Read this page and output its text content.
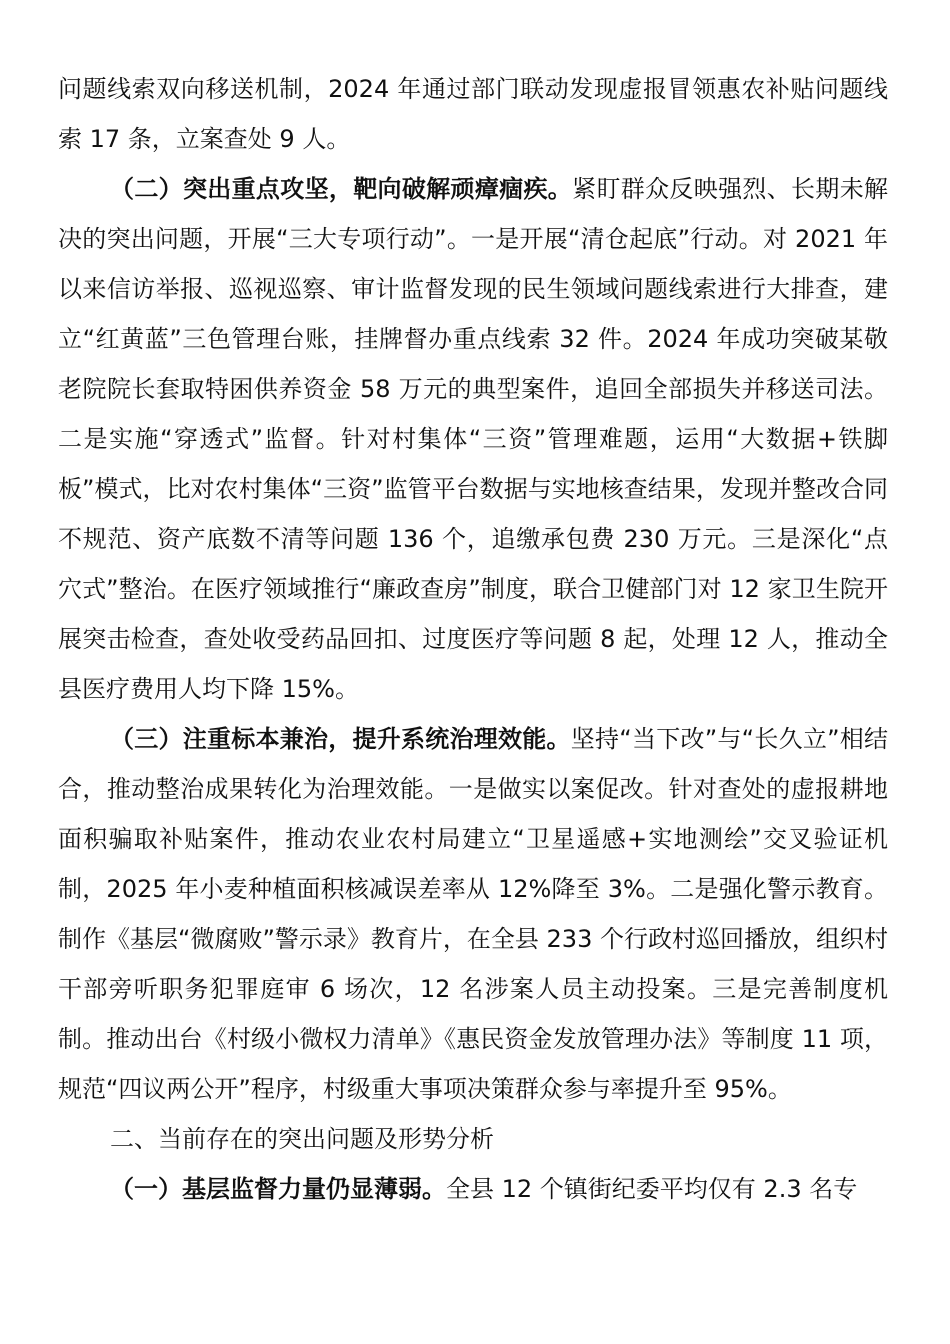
问题线索双向移送机制，2024 年通过部门联动发现虚报冒领惠农补贴问题线索 17 条，立案查处 9 人。

（二）突出重点攻坚，靶向破解顽瘴痼疾。紧盯群众反映强烈、长期未解决的突出问题，开展“三大专项行动”。一是开展“清仓起底”行动。对 2021 年以来信访举报、巡视巡察、审计监督发现的民生领域问题线索进行大排查，建立“红黄蓝”三色管理台账，挂牌督办重点线索 32 件。2024 年成功突破某敬老院院长套取特困供养资金 58 万元的典型案件，追回全部损失并移送司法。二是实施“穿透式”监督。针对村集体“三资”管理难题，运用“大数据+铁脚板”模式，比对农村集体“三资”监管平台数据与实地核查结果，发现并整改合同不规范、资产底数不清等问题 136 个，追缴承包费 230 万元。三是深化“点穴式”整治。在医疗领域推行“廉政查房”制度，联合卫健部门对 12 家卫生院开展突击检查，查处收受药品回扣、过度医疗等问题 8 起，处理 12 人，推动全县医疗费用人均下降 15%。

（三）注重标本兼治，提升系统治理效能。坚持“当下改”与“长久立”相结合，推动整治成果转化为治理效能。一是做实以案促改。针对查处的虚报耕地面积骗取补贴案件，推动农业农村局建立“卫星遥感+实地测绘”交叉验证机制，2025 年小麦种植面积核减误差率从 12%降至 3%。二是强化警示教育。制作《基层“微腐败”警示录》教育片，在全县 233 个行政村巡回播放，组织村干部旁听职务犯罪庭审 6 场次，12 名涉案人员主动投案。三是完善制度机制。推动出台《村级小微权力清单》《惠民资金发放管理办法》等制度 11 项，规范“四议两公开”程序，村级重大事项决策群众参与率提升至 95%。

二、当前存在的突出问题及形势分析

（一）基层监督力量仍显薄弱。全县 12 个镇街纪委平均仅有 2.3 名专
